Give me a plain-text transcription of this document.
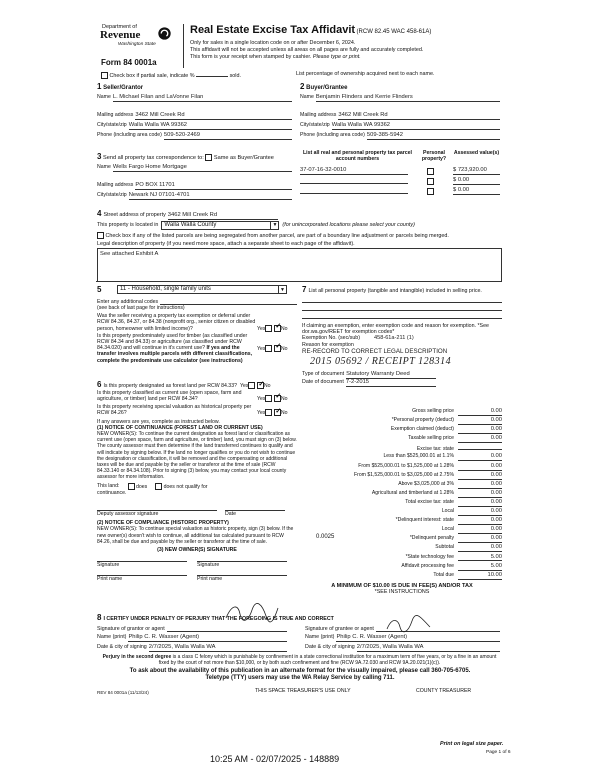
Department of
Revenue
Washington State
Form 84 0001a
Real Estate Excise Tax Affidavit (RCW 82.45 WAC 458-61A)
Only for sales in a single location code on or after December 6, 2024.
This affidavit will not be accepted unless all areas on all pages are fully and accurately completed.
This form is your receipt when stamped by cashier. Please type or print.
Check box if partial sale, indicate %	sold.	List percentage of ownership acquired next to each name.
1 Seller/Grantor
Name L. Michael Filan and LaVonne Filan
Mailing address 3462 Mill Creek Rd
City/state/zip Walla Walla WA 99362
Phone (including area code) 509-520-2469
2 Buyer/Grantee
Name Benjamin Flinders and Kerrie Flinders
Mailing address 3462 Mill Creek Rd
City/state/zip Walla Walla WA 99362
Phone (including area code) 509-385-5942
3 Send all property tax correspondence to: Same as Buyer/Grantee
Name Wells Fargo Home Mortgage
Mailing address PO BOX 11701
City/state/zip Newark NJ 07101-4701
List all real and personal property tax parcel account numbers
Personal property?
Assessed value(s)
37-07-16-32-0010	$ 723,920.00
$ 0.00
$ 0.00
4 Street address of property 3462 Mill Creek Rd
This property is located in Walla Walla County	▼ (for unincorporated locations please select your county)
Check box if any of the listed parcels are being segregated from another parcel, are part of a boundary line adjustment or parcels being merged.
Legal description of property (if you need more space, attach a separate sheet to each page of the affidavit).
See attached Exhibit A
5	11 - Household, single family units	▼
Enter any additional codes
(see back of last page for instructions)
Was the seller receiving a property tax exemption or deferral under RCW 84.36, 84.37, or 84.38 (nonprofit org., senior citizen or disabled person, homeowner with limited income)?	Yes ✓	No
Is this property predominately used for timber (as classified under RCW 84.34 and 84.33) or agriculture (as classified under RCW 84.34.020) and will continue in it's current use? If yes and the transfer involves multiple parcels with different classifications, complete the predominate use calculator (see instructions)
Yes ✓	No
6 Is this property designated as forest land per RCW 84.33? Yes ✓	No
Is this property classified as current use (open space, farm and agriculture, or timber) land per RCW 84.34?	Yes ✓	No
Is this property receiving special valuation as historical property per RCW 84.26?	Yes ✓	No
If any answers are yes, complete as instructed below.
(1) NOTICE OF CONTINUANCE (FOREST LAND OR CURRENT USE)
NEW OWNER(S): To continue the current designation as forest land or classification as current use (open space, farm and agriculture, or timber) land, you must sign on (3) below. The county assessor must then determine if the land transferred continues to qualify and will indicate by signing below. If the land no longer qualifies or you do not wish to continue the designation or classification, it will be removed and the compensating or additional taxes will be due and payable by the seller or transferor at the time of sale (RCW 84.33.140 or 84.34.108). Prior to signing (3) below, you may contact your local county assessor for more information.
This land:	does	does not qualify for
continuance.
Deputy assessor signature	Date
(2) NOTICE OF COMPLIANCE (HISTORIC PROPERTY)
NEW OWNER(S): To continue special valuation as historic property, sign (3) below. If the new owner(s) doesn't wish to continue, all additional tax calculated pursuant to RCW 84.26, shall be due and payable by the seller or transferor at the time of sale.
(3) NEW OWNER(S) SIGNATURE
Signature	Signature
Print name	Print name
7 List all personal property (tangible and intangible) included in selling price.
If claiming an exemption, enter exemption code and reason for exemption. *See dor.wa.gov/REET for exemption codes*
Exemption No. (sec/sub)	458-61a-211 (1)
Reason for exemption
RE-RECORD TO CORRECT LEGAL DESCRIPTION
2015 05692 / RECEIPT 128314
Type of document Statutory Warranty Deed
Date of document 7-2-2015
Gross selling price	0.00
*Personal property (deduct)	0.00
Exemption claimed (deduct)	0.00
Taxable selling price	0.00
Excise tax: state
Less than $525,000.01 at 1.1%	0.00
From $525,000.01 to $1,525,000 at 1.28%	0.00
From $1,525,000.01 to $3,025,000 at 2.75%	0.00
Above $3,025,000 at 3%	0.00
Agricultural and timberland at 1.28%	0.00
Total excise tax: state	0.00
Local	0.00
*Delinquent interest: state	0.00
Local	0.00
*Delinquent penalty	0.00
Subtotal	0.00
*State technology fee	5.00
Affidavit processing fee	5.00
Total due	10.00
A MINIMUM OF $10.00 IS DUE IN FEE(S) AND/OR TAX
*SEE INSTRUCTIONS
0.0025
8 I CERTIFY UNDER PENALTY OF PERJURY THAT THE FOREGOING IS TRUE AND CORRECT
Signature of grantor or agent
Name (print) Philip C. R. Wasser (Agent)
Date & city of signing 2/7/2025, Walla Walla WA
Signature of grantee or agent
Name (print) Philip C. R. Wasser (Agent)
Date & city of signing 2/7/2025, Walla Walla WA
Perjury in the second degree is a class C felony which is punishable by confinement in a state correctional institution for a maximum term of five years, or by a fine in an amount fixed by the court of not more than $10,000, or by both such confinement and fine (RCW 9A.72.030 and RCW 9A.20.021(1)(c)).
To ask about the availability of this publication in an alternate format for the visually impaired, please call 360-705-6705. Teletype (TTY) users may use the WA Relay Service by calling 711.
REV 84 0001a (11/13/24)	THIS SPACE TREASURER'S USE ONLY	COUNTY TREASURER
Print on legal size paper.
Page 1 of 6
10:25 AM - 02/07/2025 - 148889
